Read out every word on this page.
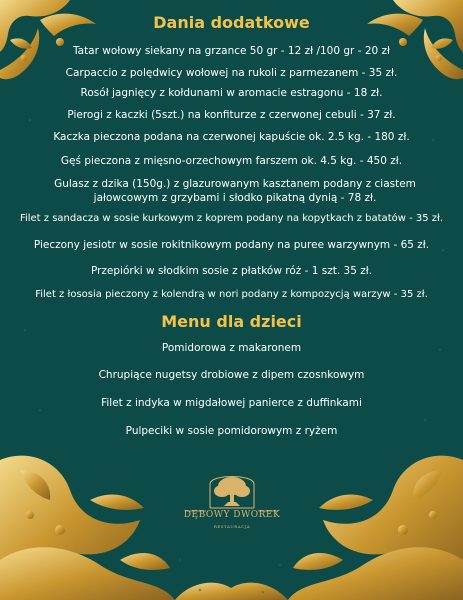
Dania dodatkowe
Tatar wołowy siekany na grzance 50 gr - 12 zł /100 gr - 20 zł
Carpaccio z polędwicy wołowej na rukoli z parmezanem - 35 zł.
Rosół jagnięcy z kołdunami w aromacie estragonu - 18 zł.
Pierogi z kaczki (5szt.) na konfiturze z czerwonej cebuli - 37 zł.
Kaczka pieczona podana na czerwonej kapuście ok. 2.5 kg. - 180 zł.
Gęś pieczona z mięsno-orzechowym farszem ok. 4.5 kg. - 450 zł.
Gulasz z dzika (150g.) z glazurowanym kasztanem podany z ciastem jałowcowym z grzybami i słodko pikatną dynią - 78 zł.
Filet z sandacza w sosie kurkowym z koprem podany na kopytkach z batatów - 35 zł.
Pieczony jesiotr w sosie rokitnikowym podany na puree warzywnym - 65 zł.
Przepiórki w słodkim sosie z płatków róż - 1 szt. 35 zł.
Filet z łososia pieczony z kolendrą w nori podany z kompozycją warzyw - 35 zł.
Menu dla dzieci
Pomidorowa z makaronem
Chrupiące nugetsy drobiowe z dipem czosnkowym
Filet z indyka w migdałowej panierce z duffinkami
Pulpeciki w sosie pomidorowym z ryżem
DĘBOWY DWOREK
RESTAURACJA
